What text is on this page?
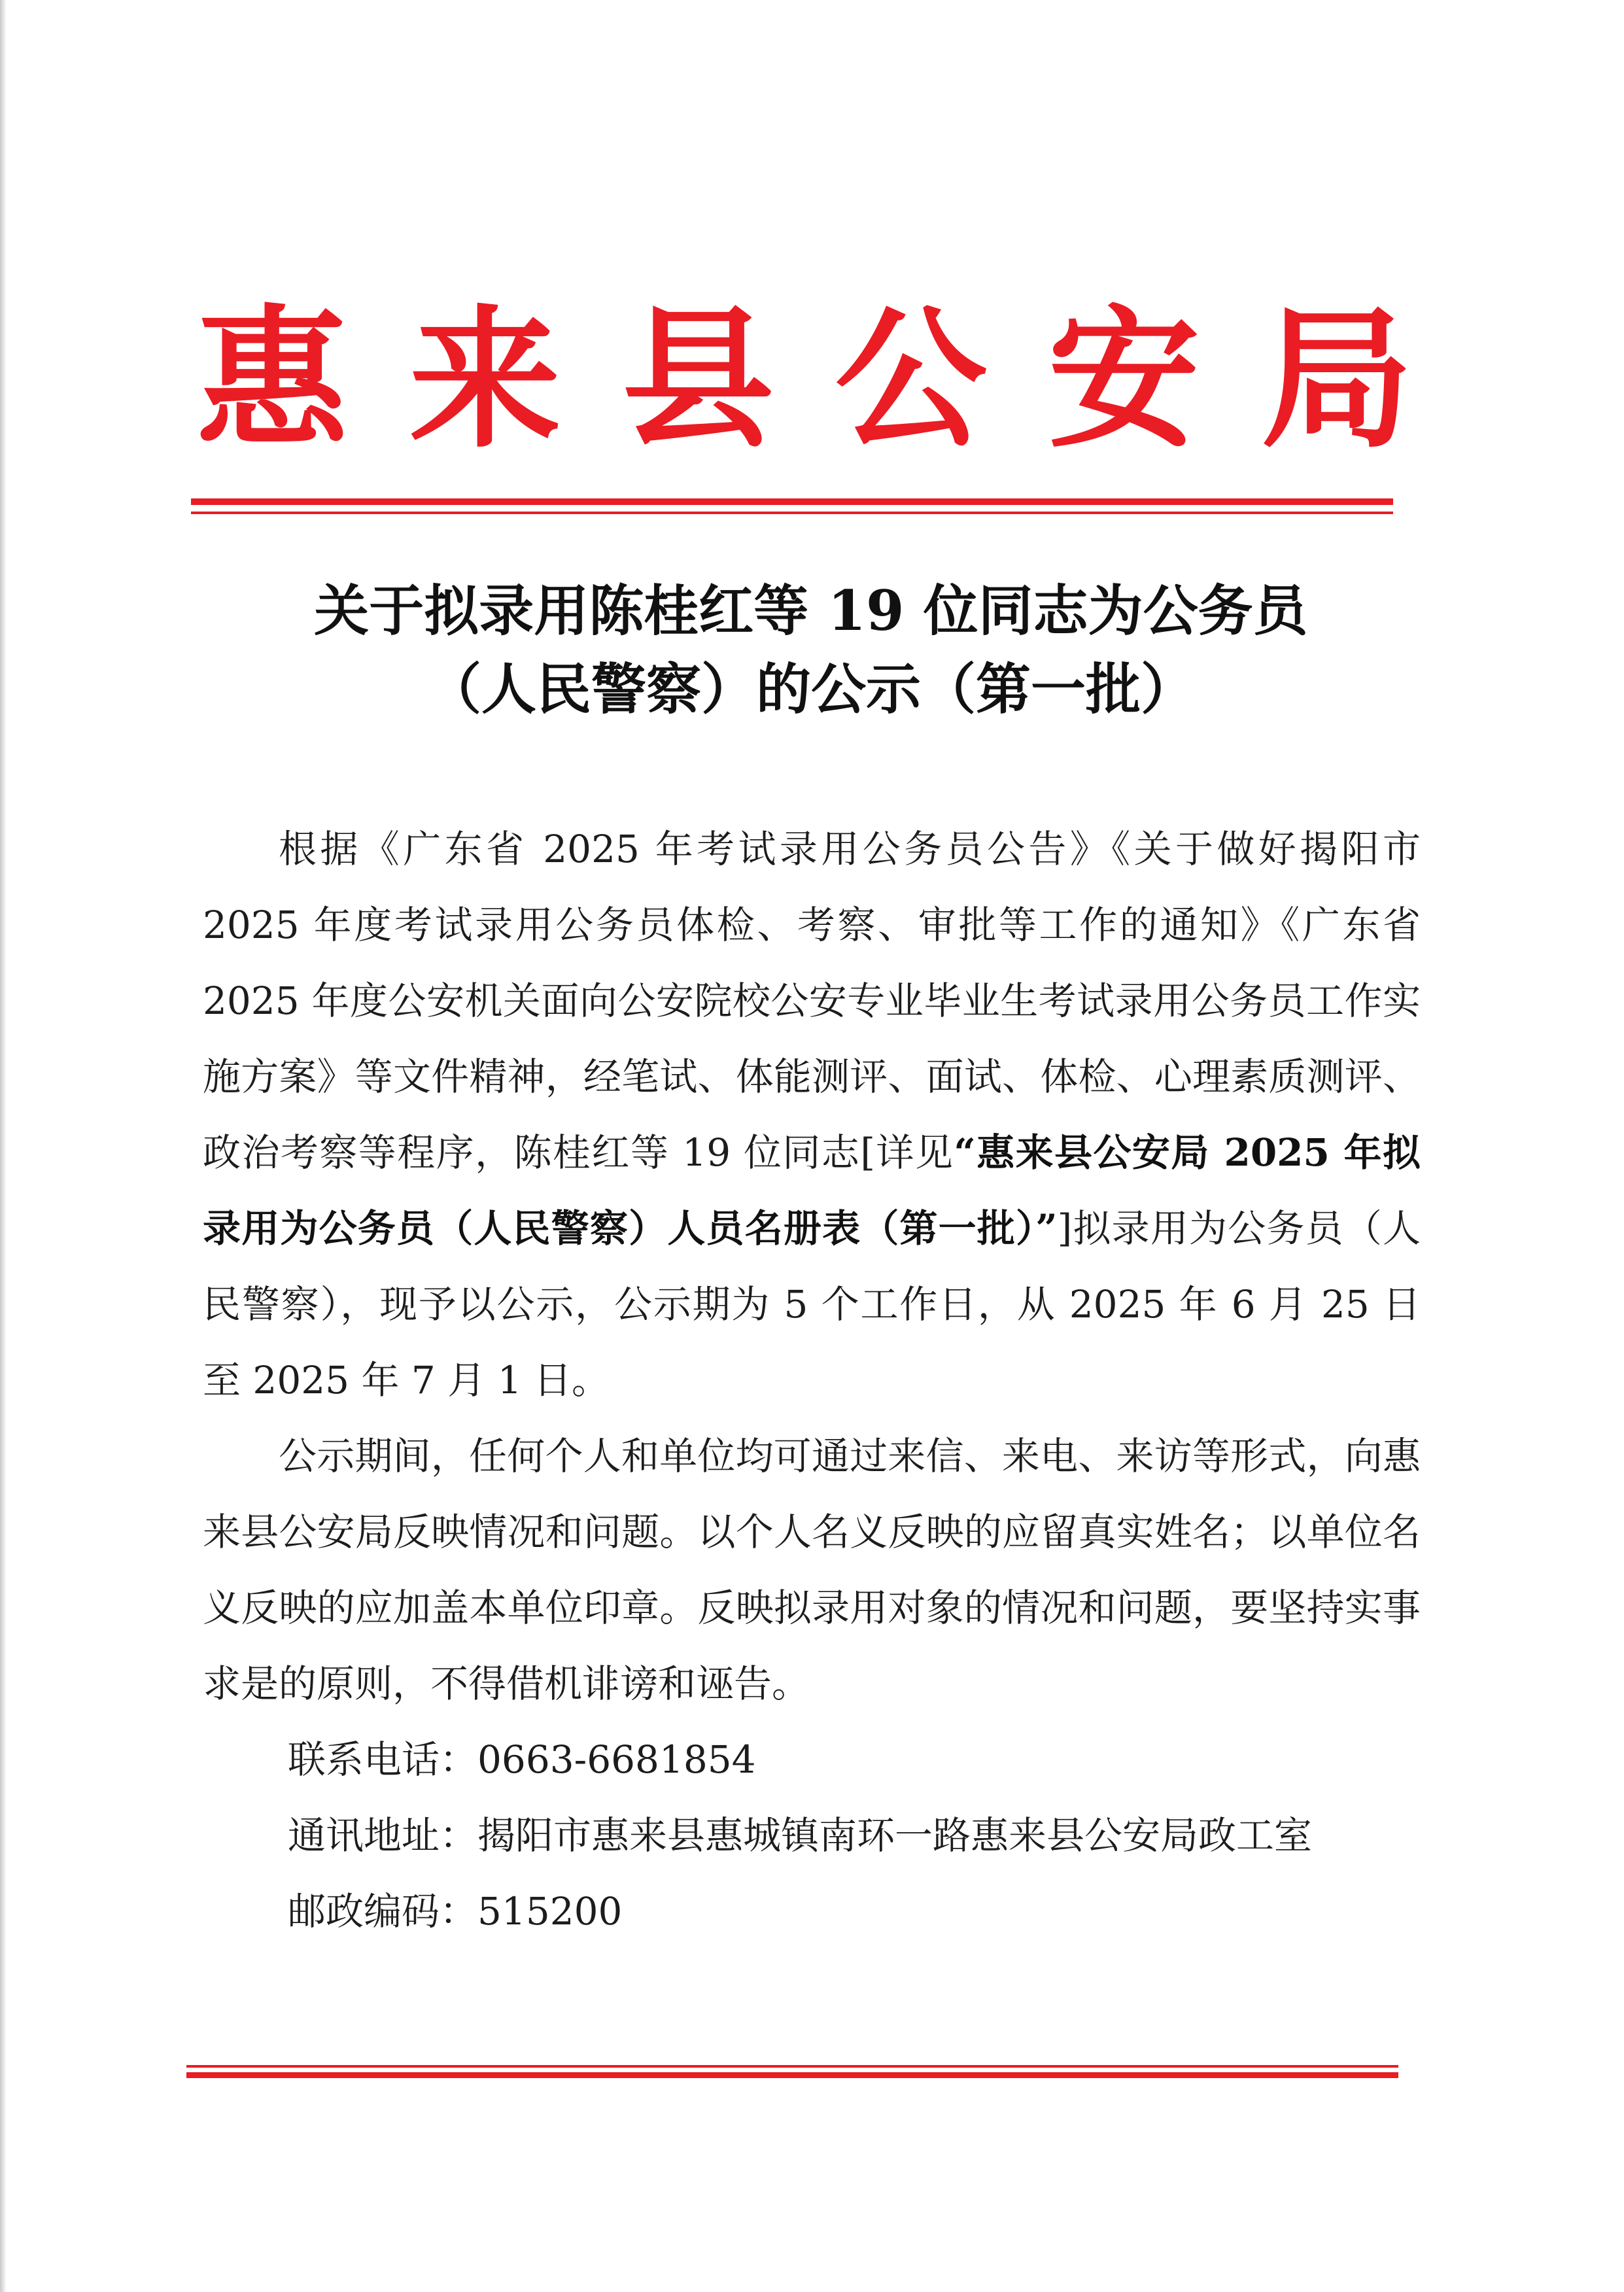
惠 来 县 公 安 局
关于拟录用陈桂红等 19 位同志为公务员
（人民警察）的公示（第一批）

根据《广东省 2025 年考试录用公务员公告》《关于做好揭阳市 2025 年度考试录用公务员体检、考察、审批等工作的通知》《广东省 2025 年度公安机关面向公安院校公安专业毕业生考试录用公务员工作实施方案》等文件精神，经笔试、体能测评、面试、体检、心理素质测评、政治考察等程序，陈桂红等 19 位同志[详见“惠来县公安局 2025 年拟录用为公务员（人民警察）人员名册表（第一批）”]拟录用为公务员（人民警察），现予以公示，公示期为 5 个工作日，从 2025 年 6 月 25 日至 2025 年 7 月 1 日。

公示期间，任何个人和单位均可通过来信、来电、来访等形式，向惠来县公安局反映情况和问题。以个人名义反映的应留真实姓名；以单位名义反映的应加盖本单位印章。反映拟录用对象的情况和问题，要坚持实事求是的原则，不得借机诽谤和诬告。

联系电话： 0663-6681854
通讯地址： 揭阳市惠来县惠城镇南环一路惠来县公安局政工室
邮政编码： 515200
